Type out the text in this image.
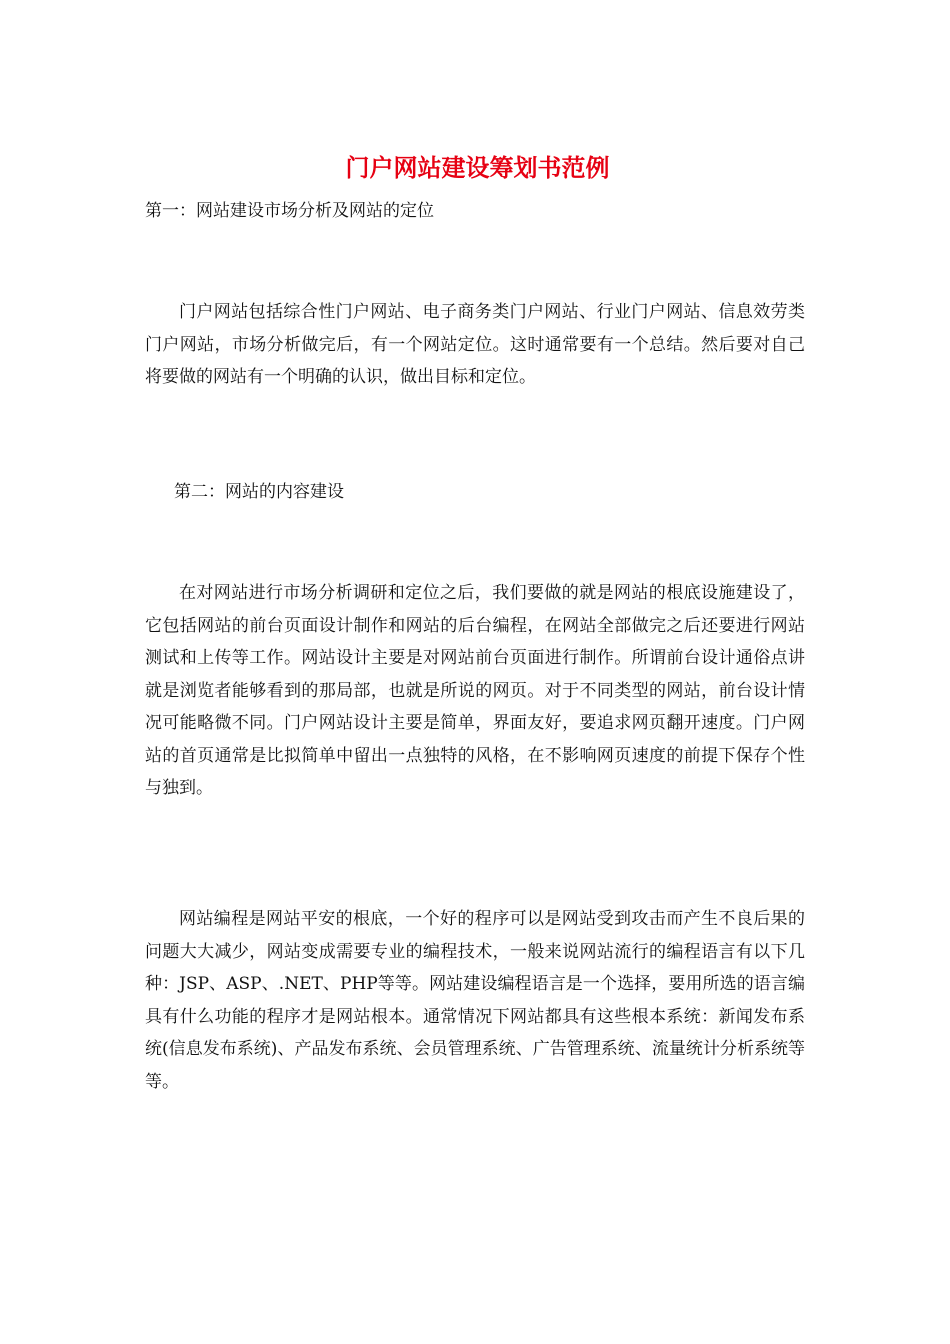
门户网站建设筹划书范例

第一：网站建设市场分析及网站的定位

门户网站包括综合性门户网站、电子商务类门户网站、行业门户网站、信息效劳类门户网站，市场分析做完后，有一个网站定位。这时通常要有一个总结。然后要对自己将要做的网站有一个明确的认识，做出目标和定位。

第二：网站的内容建设

在对网站进行市场分析调研和定位之后，我们要做的就是网站的根底设施建设了，它包括网站的前台页面设计制作和网站的后台编程，在网站全部做完之后还要进行网站测试和上传等工作。网站设计主要是对网站前台页面进行制作。所谓前台设计通俗点讲就是浏览者能够看到的那局部，也就是所说的网页。对于不同类型的网站，前台设计情况可能略微不同。门户网站设计主要是简单，界面友好，要追求网页翻开速度。门户网站的首页通常是比拟简单中留出一点独特的风格，在不影响网页速度的前提下保存个性与独到。

网站编程是网站平安的根底，一个好的程序可以是网站受到攻击而产生不良后果的问题大大减少，网站变成需要专业的编程技术，一般来说网站流行的编程语言有以下几种：JSP、ASP、.NET、PHP等等。网站建设编程语言是一个选择，要用所选的语言编具有什么功能的程序才是网站根本。通常情况下网站都具有这些根本系统：新闻发布系统(信息发布系统)、产品发布系统、会员管理系统、广告管理系统、流量统计分析系统等等。
